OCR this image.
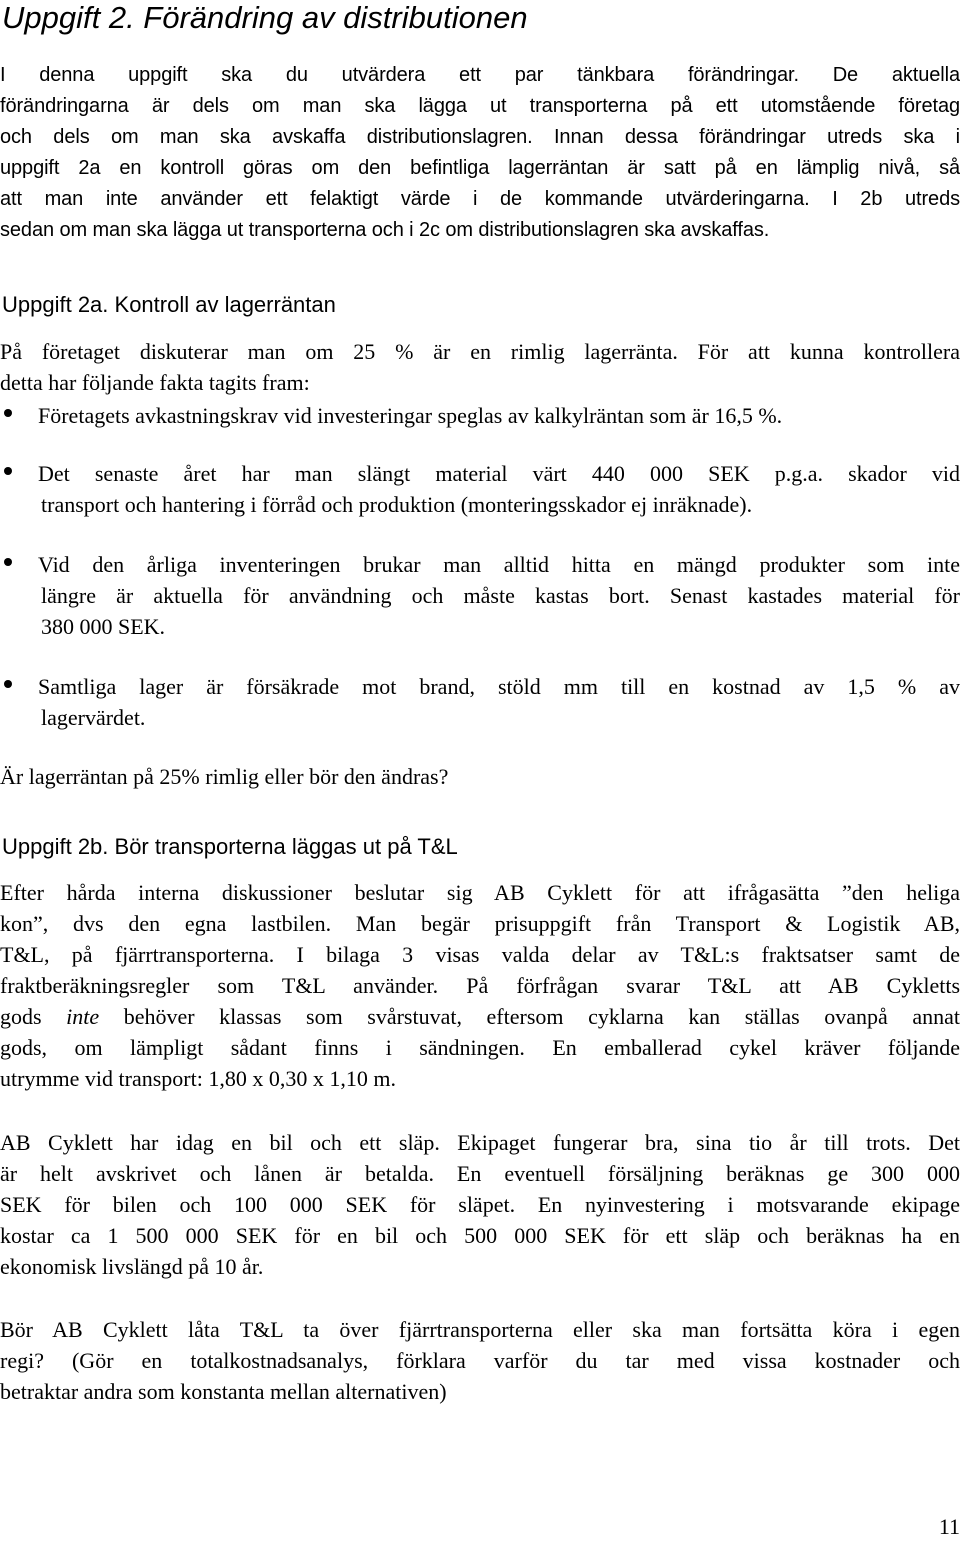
Uppgift 2. Förändring av distributionen
I denna uppgift ska du utvärdera ett par tänkbara förändringar. De aktuella
förändringarna är dels om man ska lägga ut transporterna på ett utomstående företag
och dels om man ska avskaffa distributionslagren. Innan dessa förändringar utreds ska i
uppgift 2a en kontroll göras om den befintliga lagerräntan är satt på en lämplig nivå, så
att man inte använder ett felaktigt värde i de kommande utvärderingarna. I 2b utreds
sedan om man ska lägga ut transporterna och i 2c om distributionslagren ska avskaffas.
Uppgift 2a. Kontroll av lagerräntan
På företaget diskuterar man om 25 % är en rimlig lagerränta. För att kunna kontrollera
detta har följande fakta tagits fram:
Företagets avkastningskrav vid investeringar speglas av kalkylräntan som är 16,5 %.
Det senaste året har man slängt material värt 440 000 SEK p.g.a. skador vid
transport och hantering i förråd och produktion (monteringsskador ej inräknade).
Vid den årliga inventeringen brukar man alltid hitta en mängd produkter som inte
längre är aktuella för användning och måste kastas bort. Senast kastades material för
380 000 SEK.
Samtliga lager är försäkrade mot brand, stöld mm till en kostnad av 1,5 % av
lagervärdet.
Är lagerräntan på 25% rimlig eller bör den ändras?
Uppgift 2b. Bör transporterna läggas ut på T&L
Efter hårda interna diskussioner beslutar sig AB Cyklett för att ifrågasätta ”den heliga
kon”, dvs den egna lastbilen. Man begär prisuppgift från Transport & Logistik AB,
T&L, på fjärrtransporterna. I bilaga 3 visas valda delar av T&L:s fraktsatser samt de
fraktberäkningsregler som T&L använder. På förfrågan svarar T&L att AB Cykletts
gods inte behöver klassas som svårstuvat, eftersom cyklarna kan ställas ovanpå annat
gods, om lämpligt sådant finns i sändningen. En emballerad cykel kräver följande
utrymme vid transport: 1,80 x 0,30 x 1,10 m.
AB Cyklett har idag en bil och ett släp. Ekipaget fungerar bra, sina tio år till trots. Det
är helt avskrivet och lånen är betalda. En eventuell försäljning beräknas ge 300 000
SEK för bilen och 100 000 SEK för släpet. En nyinvestering i motsvarande ekipage
kostar ca 1 500 000 SEK för en bil och 500 000 SEK för ett släp och beräknas ha en
ekonomisk livslängd på 10 år.
Bör AB Cyklett låta T&L ta över fjärrtransporterna eller ska man fortsätta köra i egen
regi? (Gör en totalkostnadsanalys, förklara varför du tar med vissa kostnader och
betraktar andra som konstanta mellan alternativen)
11
